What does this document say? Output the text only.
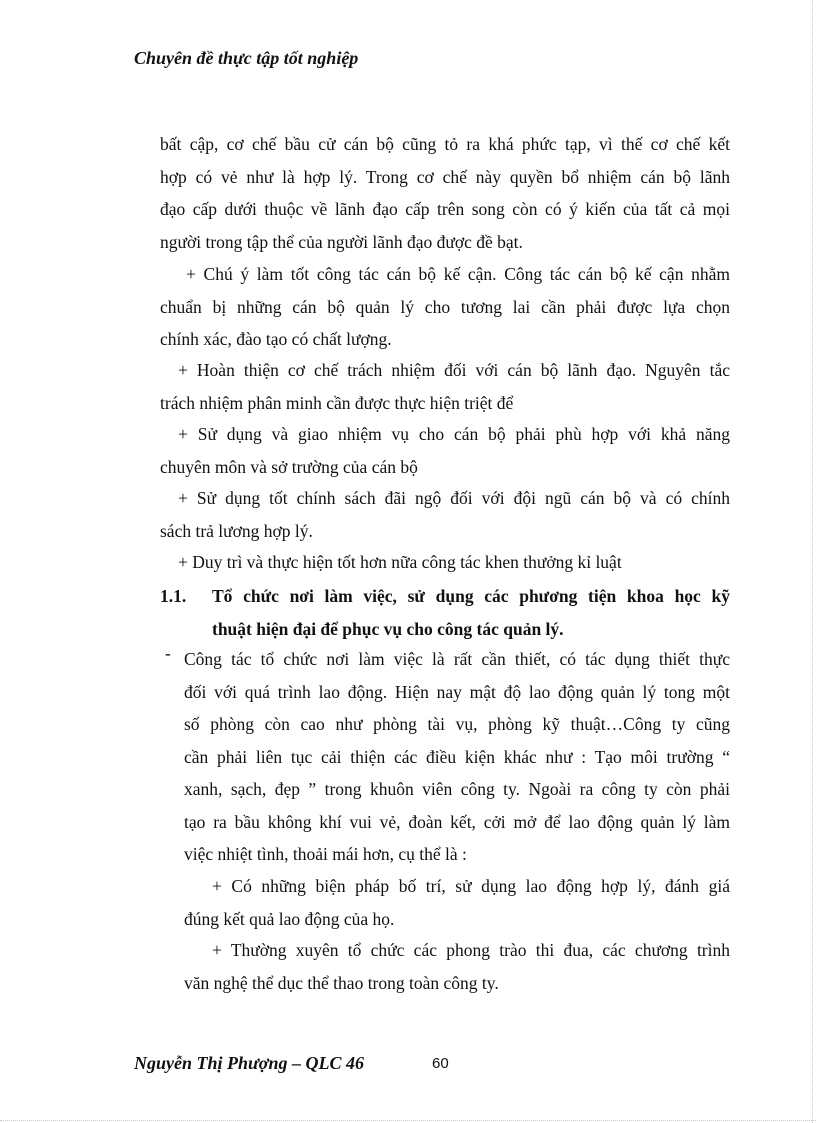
Chuyên đề thực tập tốt nghiệp
bất cập, cơ chế bầu cử cán bộ cũng tỏ ra khá phức tạp, vì thế cơ chế kết
hợp có vẻ như là hợp lý. Trong cơ chế này quyền bổ nhiệm cán bộ lãnh
đạo cấp dưới thuộc về lãnh đạo cấp trên song còn có ý kiến của tất cả mọi
người trong tập thể của người lãnh đạo được đề bạt.
+ Chú ý làm tốt công tác cán bộ kế cận. Công tác cán bộ kế cận nhằm
chuẩn bị những cán bộ quản lý cho tương lai cần phải được lựa chọn
chính xác, đào tạo có chất lượng.
+ Hoàn thiện cơ chế trách nhiệm đối với cán bộ lãnh đạo. Nguyên tắc
trách nhiệm phân minh cần được thực hiện triệt để
+ Sử dụng và giao nhiệm vụ cho cán bộ phải phù hợp với khả năng
chuyên môn và sở trường của cán bộ
+ Sử dụng tốt chính sách đãi ngộ đối với đội ngũ cán bộ và có chính
sách trả lương hợp lý.
+ Duy trì và thực hiện tốt hơn nữa công tác khen thưởng kỉ luật
1.1. Tổ chức nơi làm việc, sử dụng các phương tiện khoa học kỹ
thuật hiện đại để phục vụ cho công tác quản lý.
- Công tác tổ chức nơi làm việc là rất cần thiết, có tác dụng thiết thực
đối với quá trình lao động. Hiện nay mật độ lao động quản lý tong một
số phòng còn cao như phòng tài vụ, phòng kỹ thuật…Công ty cũng
cần phải liên tục cải thiện các điều kiện khác như : Tạo môi trường “
xanh, sạch, đẹp ” trong khuôn viên công ty. Ngoài ra công ty còn phải
tạo ra bầu không khí vui vẻ, đoàn kết, cởi mở để lao động quản lý làm
việc nhiệt tình, thoải mái hơn, cụ thể là :
+ Có những biện pháp bố trí, sử dụng lao động hợp lý, đánh giá
đúng kết quả lao động của họ.
+ Thường xuyên tổ chức các phong trào thi đua, các chương trình
văn nghệ thể dục thể thao trong toàn công ty.
Nguyễn Thị Phượng – QLC 46	60
